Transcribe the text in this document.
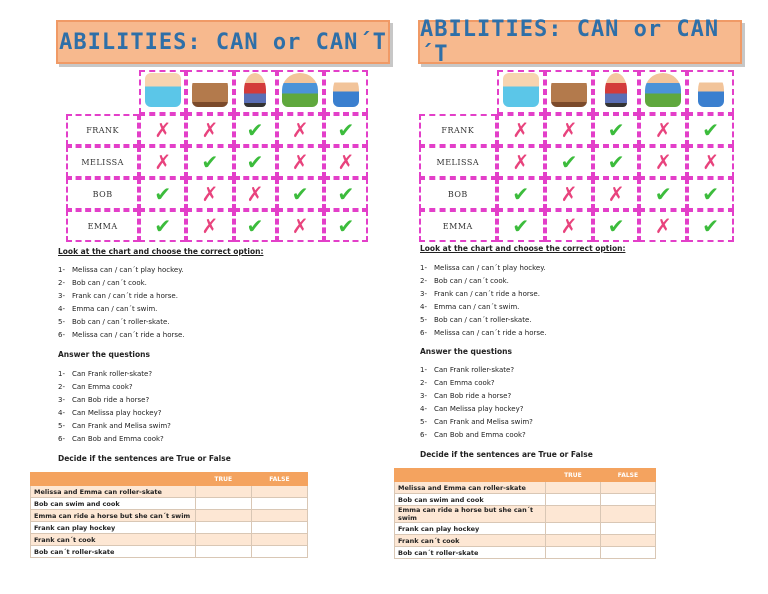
ABILITIES: CAN or CAN´T

FRANK	✗	✗	✔	✗	✔
MELISSA	✗	✔	✔	✗	✗
BOB	✔	✗	✗	✔	✔
EMMA	✔	✗	✔	✗	✔
Look at the chart and choose the correct option:
1- Melissa can / can´t play hockey.
2- Bob can / can´t cook.
3- Frank can / can´t ride a horse.
4- Emma can / can´t swim.
5- Bob can / can´t roller-skate.
6- Melissa can / can´t ride a horse.
Answer the questions
1- Can Frank roller-skate?
2- Can Emma cook?
3- Can Bob ride a horse?
4- Can Melissa play hockey?
5- Can Frank and Melisa swim?
6- Can Bob and Emma cook?
Decide if the sentences are True or False
	TRUE	FALSE
Melissa and Emma can roller-skate		
Bob can swim and cook		
Emma can ride a horse but she can´t swim		
Frank can play hockey		
Frank can´t cook		
Bob can´t roller-skate		
ABILITIES: CAN or CAN´T

FRANK	✗	✗	✔	✗	✔
MELISSA	✗	✔	✔	✗	✗
BOB	✔	✗	✗	✔	✔
EMMA	✔	✗	✔	✗	✔
Look at the chart and choose the correct option:
1- Melissa can / can´t play hockey.
2- Bob can / can´t cook.
3- Frank can / can´t ride a horse.
4- Emma can / can´t swim.
5- Bob can / can´t roller-skate.
6- Melissa can / can´t ride a horse.
Answer the questions
1- Can Frank roller-skate?
2- Can Emma cook?
3- Can Bob ride a horse?
4- Can Melissa play hockey?
5- Can Frank and Melisa swim?
6- Can Bob and Emma cook?
Decide if the sentences are True or False
	TRUE	FALSE
Melissa and Emma can roller-skate		
Bob can swim and cook		
Emma can ride a horse but she can´t swim		
Frank can play hockey		
Frank can´t cook		
Bob can´t roller-skate		
